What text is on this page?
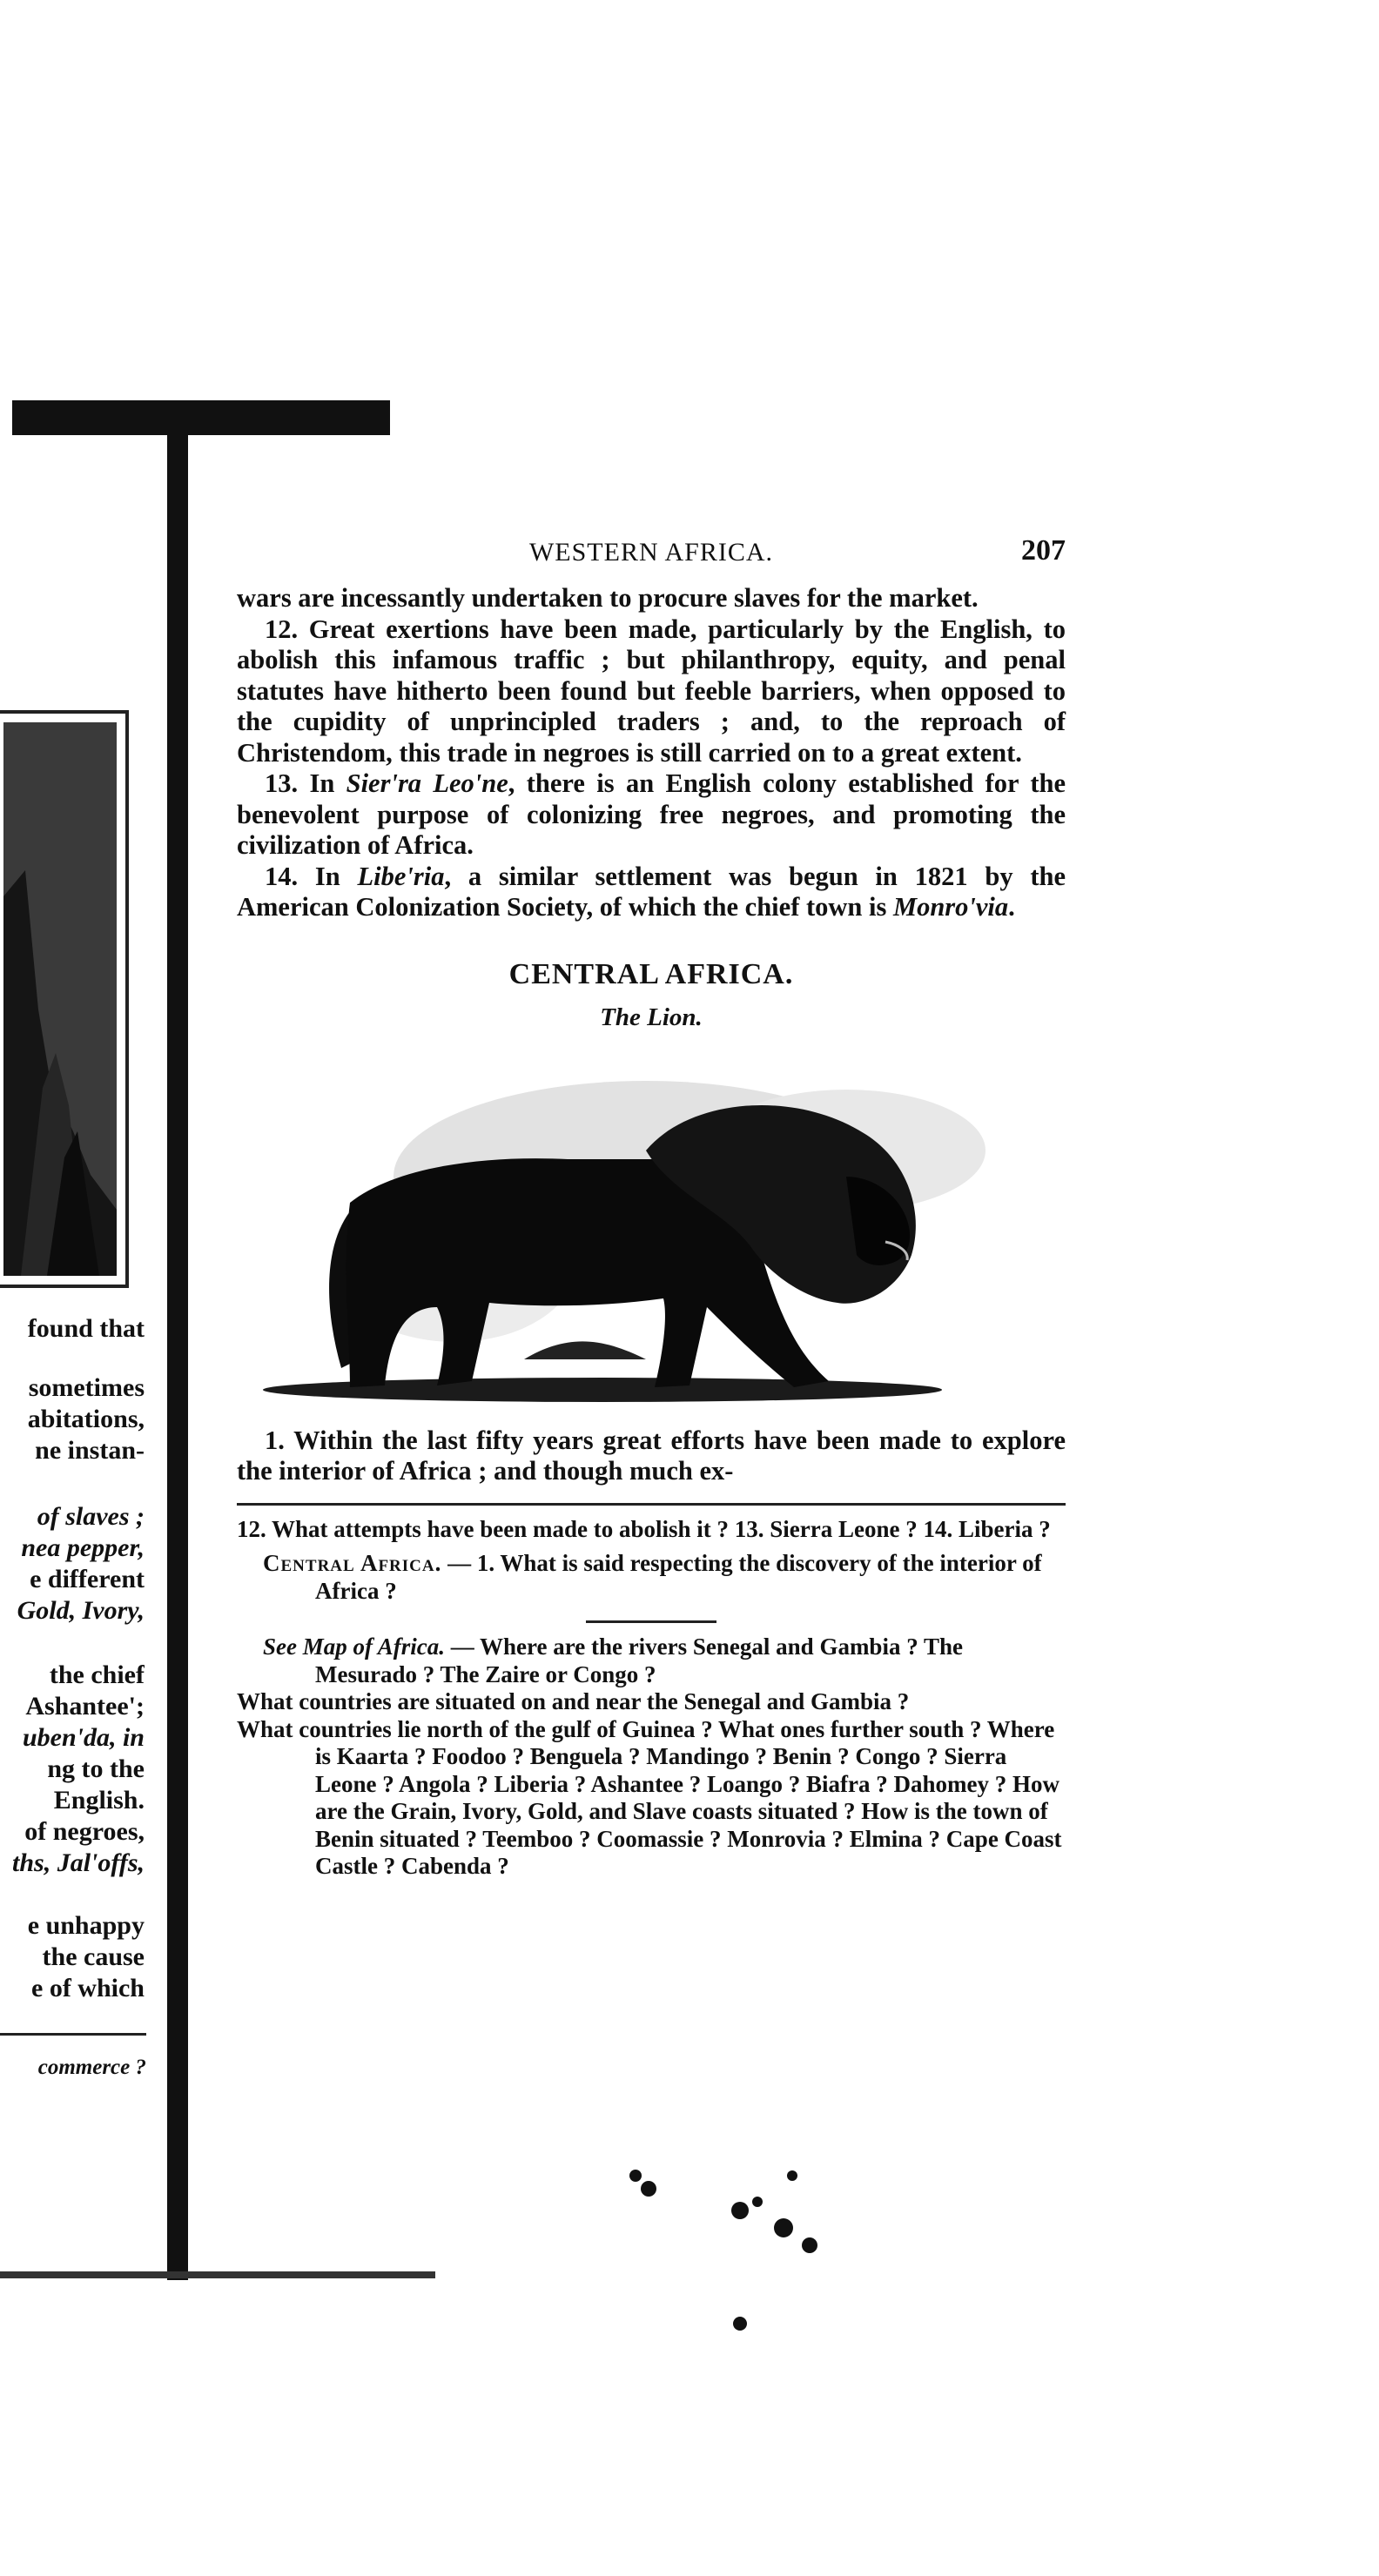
found that
sometimes
abitations,
ne instan-
of slaves ;
nea pepper,
e different
Gold, Ivory,
the chief
Ashantee';
uben'da, in
ng to the
English.
of negroes,
ths, Jal'offs,
e unhappy
the cause
e of which
commerce ?
WESTERN AFRICA.	207

wars are incessantly undertaken to procure slaves for the market.

12. Great exertions have been made, particularly by the English, to abolish this infamous traffic ; but philanthropy, equity, and penal statutes have hitherto been found but feeble barriers, when opposed to the cupidity of unprincipled traders ; and, to the reproach of Christendom, this trade in negroes is still carried on to a great extent.

13. In Sier'ra Leo'ne, there is an English colony established for the benevolent purpose of colonizing free negroes, and promoting the civilization of Africa.

14. In Libe'ria, a similar settlement was begun in 1821 by the American Colonization Society, of which the chief town is Monro'via.

CENTRAL AFRICA.
The Lion.

1. Within the last fifty years great efforts have been made to explore the interior of Africa ; and though much ex-

12. What attempts have been made to abolish it ? 13. Sierra Leone ? 14. Liberia ?

Central Africa. — 1. What is said respecting the discovery of the interior of Africa ?

See Map of Africa. — Where are the rivers Senegal and Gambia ? The Mesurado ? The Zaire or Congo ?

What countries are situated on and near the Senegal and Gambia ?

What countries lie north of the gulf of Guinea ? What ones further south ? Where is Kaarta ? Foodoo ? Benguela ? Mandingo ? Benin ? Congo ? Sierra Leone ? Angola ? Liberia ? Ashantee ? Loango ? Biafra ? Dahomey ? How are the Grain, Ivory, Gold, and Slave coasts situated ? How is the town of Benin situated ? Teemboo ? Coomassie ? Monrovia ? Elmina ? Cape Coast Castle ? Cabenda ?
